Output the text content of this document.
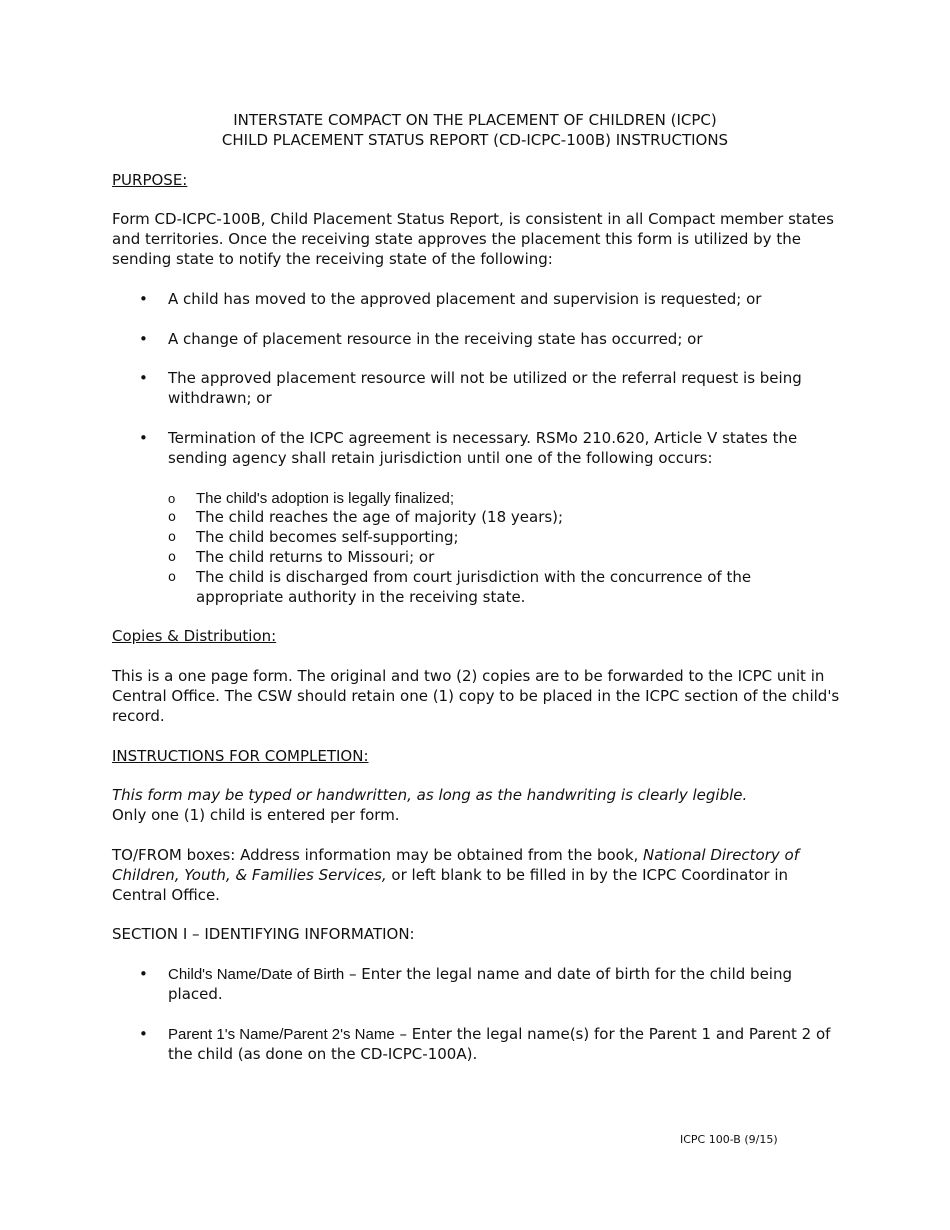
INTERSTATE COMPACT ON THE PLACEMENT OF CHILDREN (ICPC)

CHILD PLACEMENT STATUS REPORT (CD-ICPC-100B) INSTRUCTIONS

PURPOSE:

Form CD-ICPC-100B, Child Placement Status Report, is consistent in all Compact member states and territories. Once the receiving state approves the placement this form is utilized by the sending state to notify the receiving state of the following:

• A child has moved to the approved placement and supervision is requested; or
• A change of placement resource in the receiving state has occurred; or
• The approved placement resource will not be utilized or the referral request is being withdrawn; or
• Termination of the ICPC agreement is necessary. RSMo 210.620, Article V states the sending agency shall retain jurisdiction until one of the following occurs:
o The child's adoption is legally finalized;
o The child reaches the age of majority (18 years);
o The child becomes self-supporting;
o The child returns to Missouri; or
o The child is discharged from court jurisdiction with the concurrence of the appropriate authority in the receiving state.

Copies & Distribution:

This is a one page form. The original and two (2) copies are to be forwarded to the ICPC unit in Central Office. The CSW should retain one (1) copy to be placed in the ICPC section of the child's record.

INSTRUCTIONS FOR COMPLETION:

This form may be typed or handwritten, as long as the handwriting is clearly legible.

Only one (1) child is entered per form.

TO/FROM boxes: Address information may be obtained from the book, National Directory of Children, Youth, & Families Services, or left blank to be filled in by the ICPC Coordinator in Central Office.

SECTION I – IDENTIFYING INFORMATION:

• Child's Name/Date of Birth – Enter the legal name and date of birth for the child being placed.
• Parent 1's Name/Parent 2's Name – Enter the legal name(s) for the Parent 1 and Parent 2 of the child (as done on the CD-ICPC-100A).
ICPC 100-B (9/15)
